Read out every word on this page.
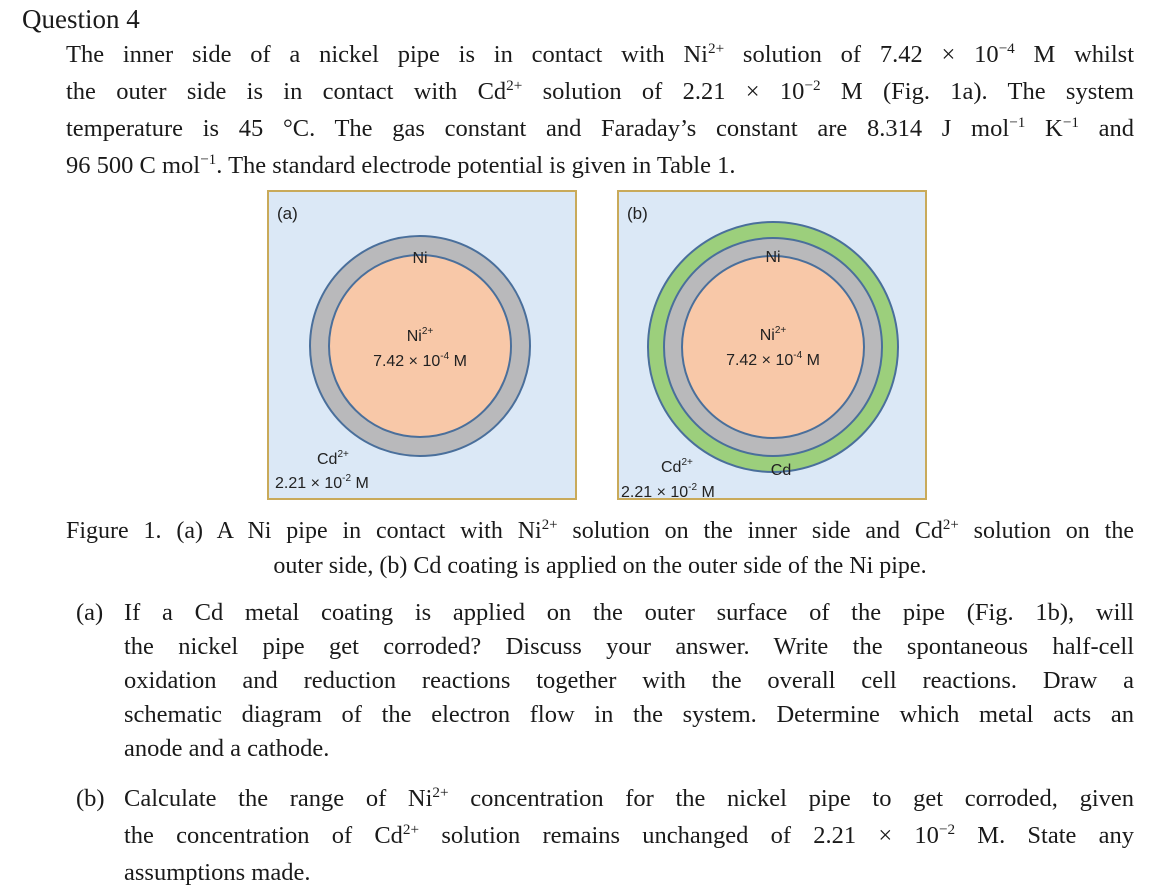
Question 4
The inner side of a nickel pipe is in contact with $Ni^{2+}$ solution of $7.42 \times 10^{-4}$ M whilst
the outer side is in contact with $Cd^{2+}$ solution of $2.21 \times 10^{-2}$ M (Fig. 1a). The system
temperature is 45 °C. The gas constant and Faraday’s constant are 8.314 J mol$^{-1}$ $K^{-1}$ and
96 500 C mol$^{-1}$. The standard electrode potential is given in Table 1.
(a)
Ni
$Ni^{2+}$
$7.42 \times 10^{-4}$ M
$Cd^{2+}$
$2.21 \times 10^{-2}$ M
(b)
Ni
$Ni^{2+}$
$7.42 \times 10^{-4}$ M
Cd
$Cd^{2+}$
$2.21 \times 10^{-2}$ M
Figure 1. (a) A Ni pipe in contact with $Ni^{2+}$ solution on the inner side and $Cd^{2+}$ solution on the
outer side, (b) Cd coating is applied on the outer side of the Ni pipe.
(a) If a Cd metal coating is applied on the outer surface of the pipe (Fig. 1b), will
the nickel pipe get corroded? Discuss your answer. Write the spontaneous half-cell
oxidation and reduction reactions together with the overall cell reactions. Draw a
schematic diagram of the electron flow in the system. Determine which metal acts an
anode and a cathode.
(b) Calculate the range of $Ni^{2+}$ concentration for the nickel pipe to get corroded, given
the concentration of $Cd^{2+}$ solution remains unchanged of $2.21 \times 10^{-2}$ M. State any
assumptions made.
